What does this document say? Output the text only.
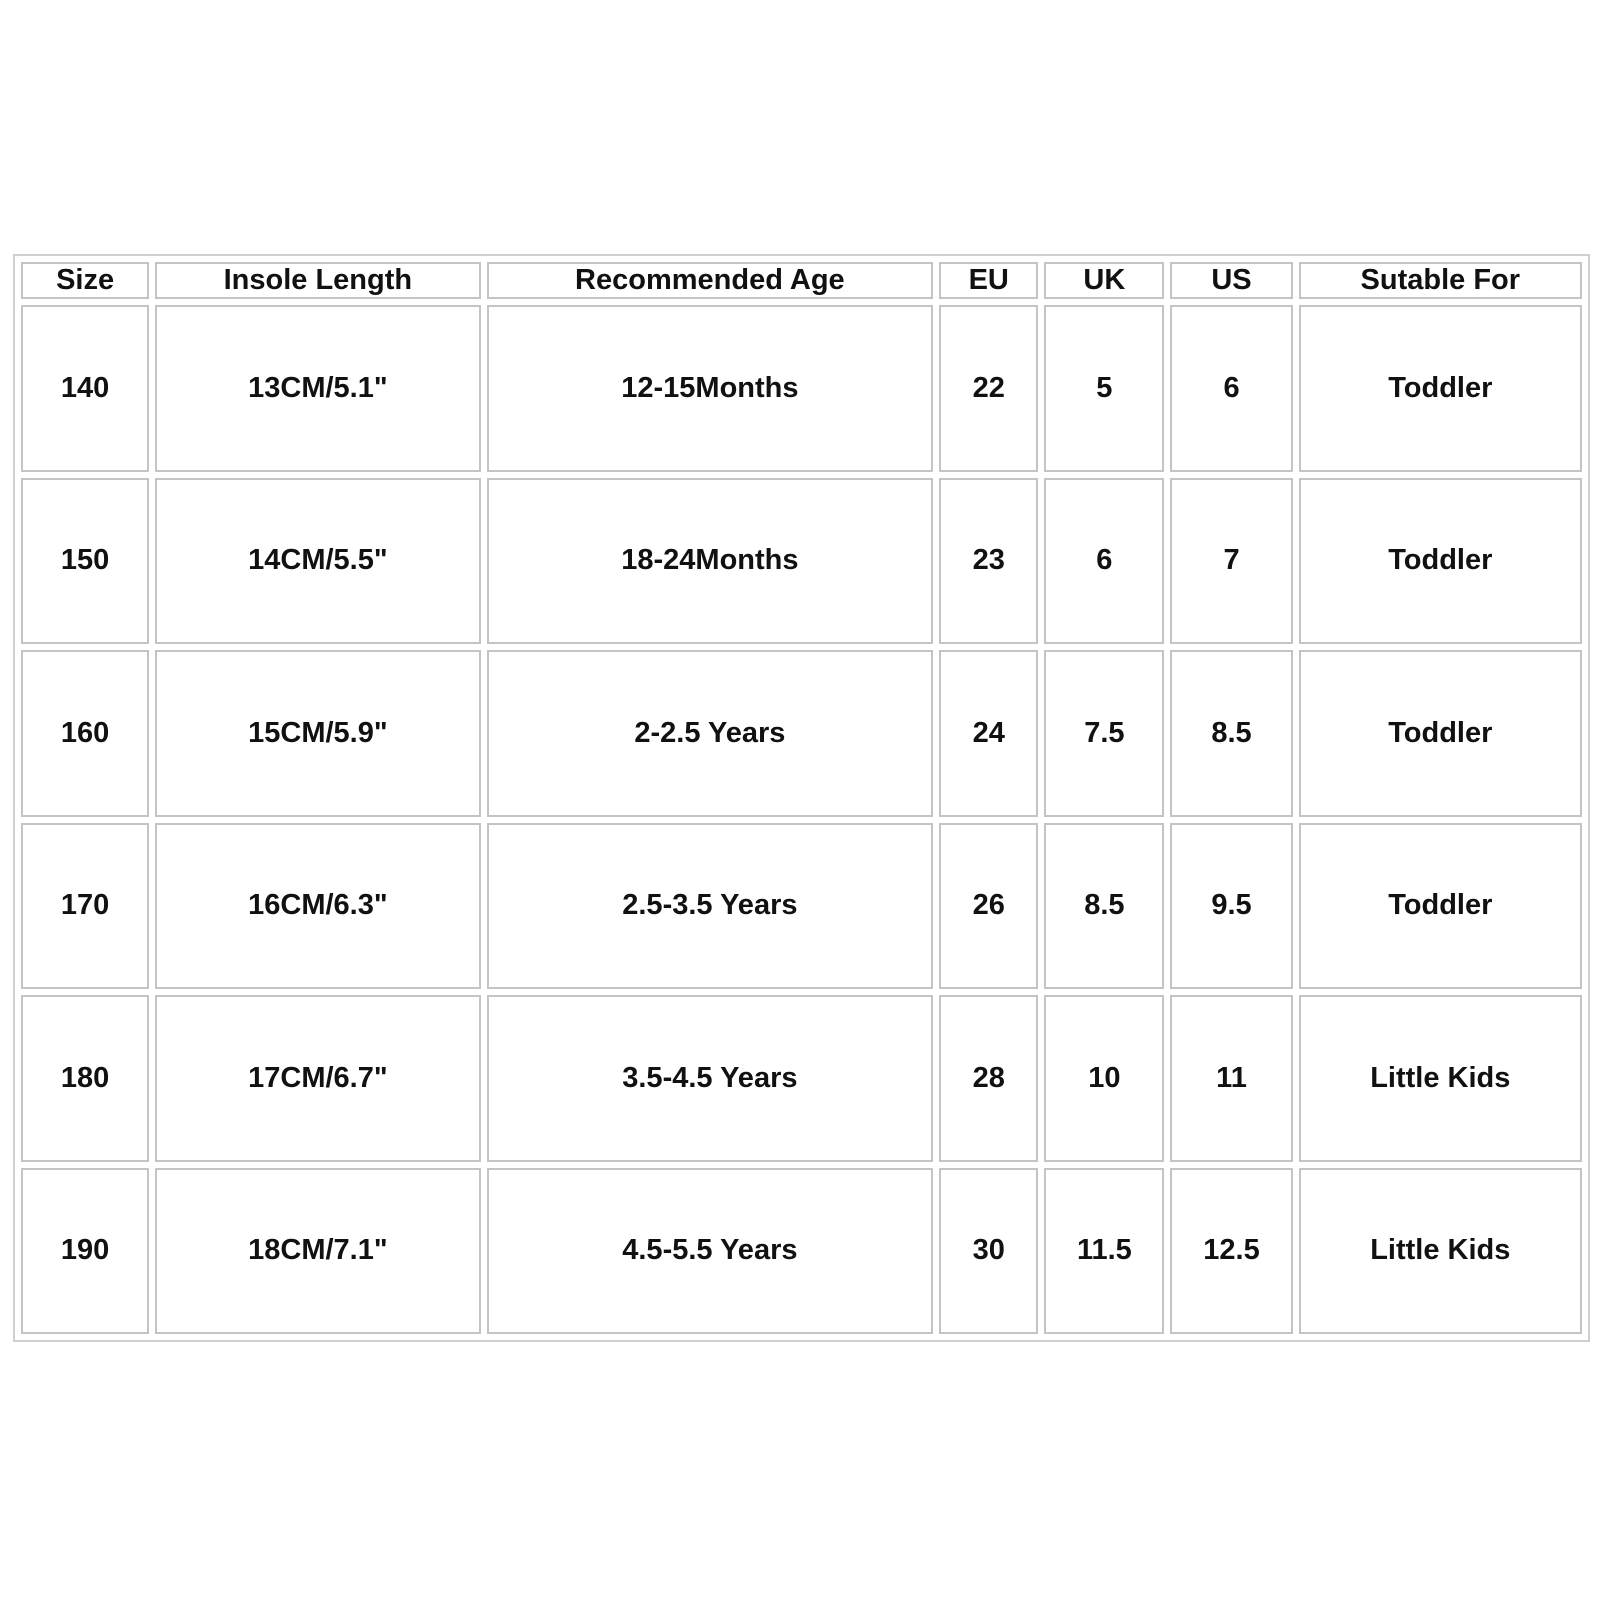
Size	Insole Length	Recommended Age	EU	UK	US	Sutable For
140	13CM/5.1"	12-15Months	22	5	6	Toddler
150	14CM/5.5"	18-24Months	23	6	7	Toddler
160	15CM/5.9"	2-2.5 Years	24	7.5	8.5	Toddler
170	16CM/6.3"	2.5-3.5 Years	26	8.5	9.5	Toddler
180	17CM/6.7"	3.5-4.5 Years	28	10	11	Little Kids
190	18CM/7.1"	4.5-5.5 Years	30	11.5	12.5	Little Kids
